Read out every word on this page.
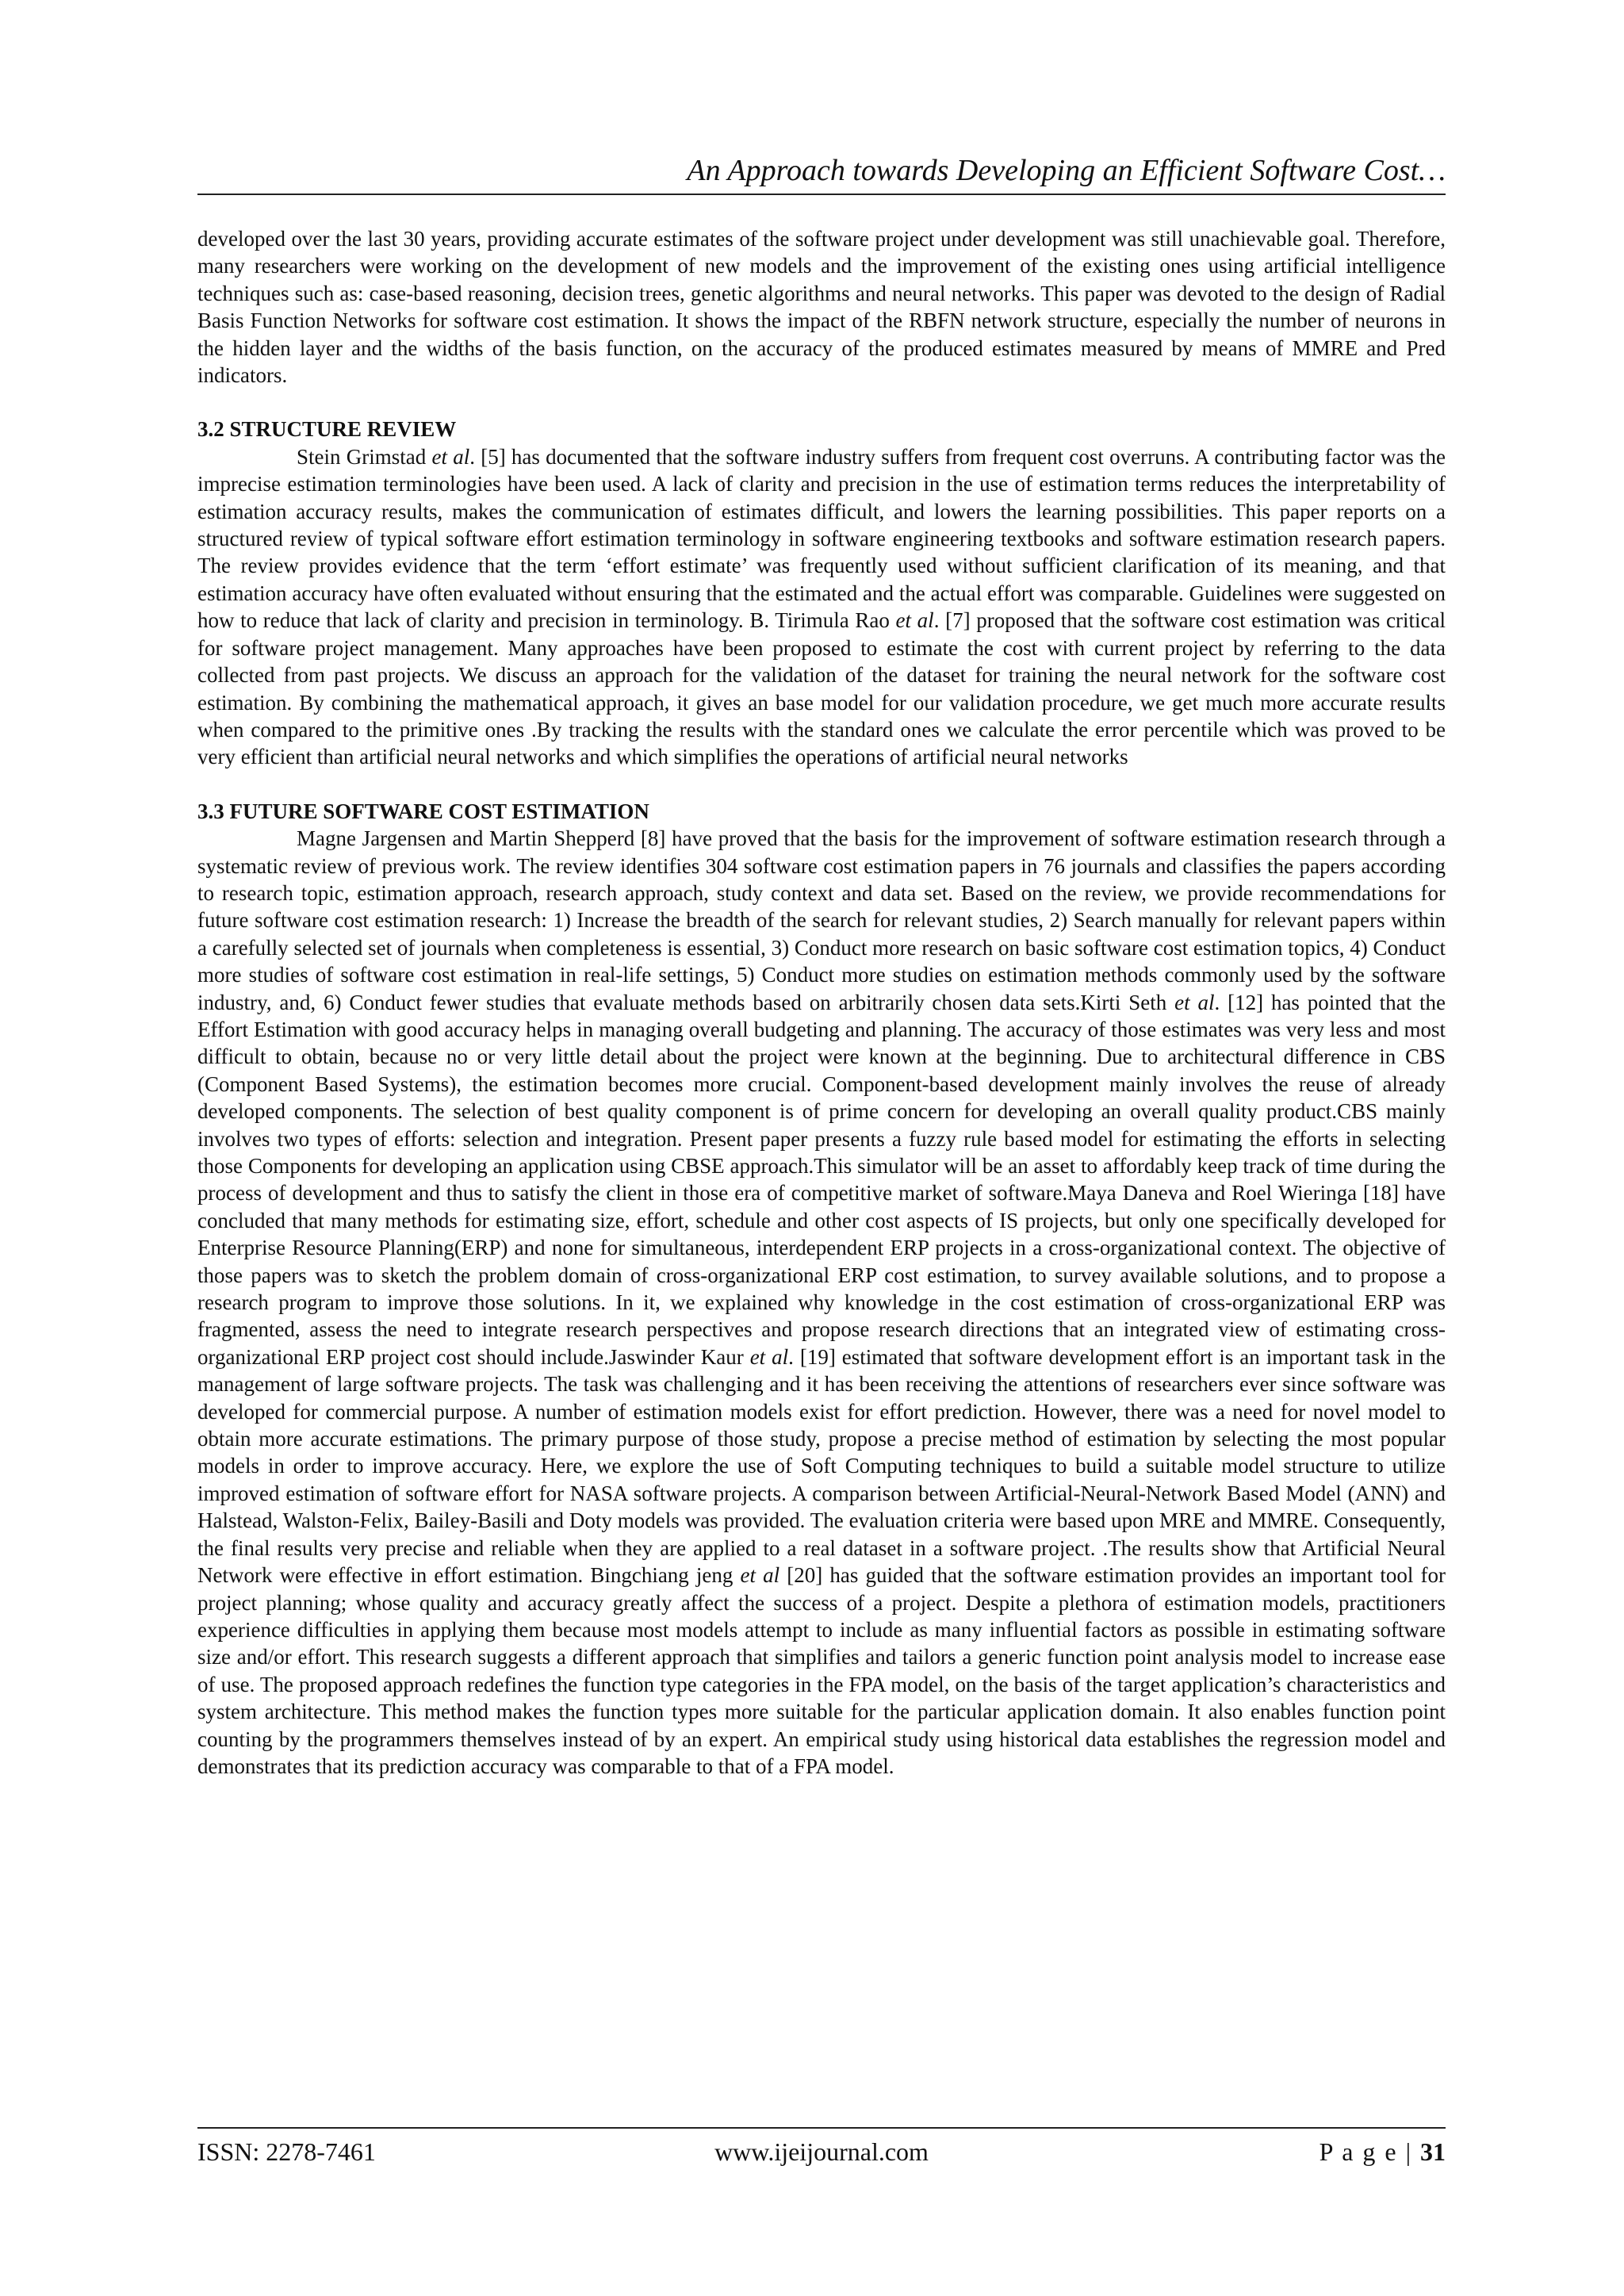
An Approach towards Developing an Efficient Software Cost…

developed over the last 30 years, providing accurate estimates of the software project under development was still unachievable goal. Therefore, many researchers were working on the development of new models and the improvement of the existing ones using artificial intelligence techniques such as: case-based reasoning, decision trees, genetic algorithms and neural networks. This paper was devoted to the design of Radial Basis Function Networks for software cost estimation. It shows the impact of the RBFN network structure, especially the number of neurons in the hidden layer and the widths of the basis function, on the accuracy of the produced estimates measured by means of MMRE and Pred indicators.

3.2 STRUCTURE REVIEW

Stein Grimstad et al. [5] has documented that the software industry suffers from frequent cost overruns. A contributing factor was the imprecise estimation terminologies have been used. A lack of clarity and precision in the use of estimation terms reduces the interpretability of estimation accuracy results, makes the communication of estimates difficult, and lowers the learning possibilities. This paper reports on a structured review of typical software effort estimation terminology in software engineering textbooks and software estimation research papers. The review provides evidence that the term ‘effort estimate’ was frequently used without sufficient clarification of its meaning, and that estimation accuracy have often evaluated without ensuring that the estimated and the actual effort was comparable. Guidelines were suggested on how to reduce that lack of clarity and precision in terminology. B. Tirimula Rao et al. [7] proposed that the software cost estimation was critical for software project management. Many approaches have been proposed to estimate the cost with current project by referring to the data collected from past projects. We discuss an approach for the validation of the dataset for training the neural network for the software cost estimation. By combining the mathematical approach, it gives an base model for our validation procedure, we get much more accurate results when compared to the primitive ones .By tracking the results with the standard ones we calculate the error percentile which was proved to be very efficient than artificial neural networks and which simplifies the operations of artificial neural networks

3.3 FUTURE SOFTWARE COST ESTIMATION

Magne Jargensen and Martin Shepperd [8] have proved that the basis for the improvement of software estimation research through a systematic review of previous work. The review identifies 304 software cost estimation papers in 76 journals and classifies the papers according to research topic, estimation approach, research approach, study context and data set. Based on the review, we provide recommendations for future software cost estimation research: 1) Increase the breadth of the search for relevant studies, 2) Search manually for relevant papers within a carefully selected set of journals when completeness is essential, 3) Conduct more research on basic software cost estimation topics, 4) Conduct more studies of software cost estimation in real-life settings, 5) Conduct more studies on estimation methods commonly used by the software industry, and, 6) Conduct fewer studies that evaluate methods based on arbitrarily chosen data sets.Kirti Seth et al. [12] has pointed that the Effort Estimation with good accuracy helps in managing overall budgeting and planning. The accuracy of those estimates was very less and most difficult to obtain, because no or very little detail about the project were known at the beginning. Due to architectural difference in CBS (Component Based Systems), the estimation becomes more crucial. Component-based development mainly involves the reuse of already developed components. The selection of best quality component is of prime concern for developing an overall quality product.CBS mainly involves two types of efforts: selection and integration. Present paper presents a fuzzy rule based model for estimating the efforts in selecting those Components for developing an application using CBSE approach.This simulator will be an asset to affordably keep track of time during the process of development and thus to satisfy the client in those era of competitive market of software.Maya Daneva and Roel Wieringa [18] have concluded that many methods for estimating size, effort, schedule and other cost aspects of IS projects, but only one specifically developed for Enterprise Resource Planning(ERP) and none for simultaneous, interdependent ERP projects in a cross-organizational context. The objective of those papers was to sketch the problem domain of cross-organizational ERP cost estimation, to survey available solutions, and to propose a research program to improve those solutions. In it, we explained why knowledge in the cost estimation of cross-organizational ERP was fragmented, assess the need to integrate research perspectives and propose research directions that an integrated view of estimating cross-organizational ERP project cost should include.Jaswinder Kaur et al. [19] estimated that software development effort is an important task in the management of large software projects. The task was challenging and it has been receiving the attentions of researchers ever since software was developed for commercial purpose. A number of estimation models exist for effort prediction. However, there was a need for novel model to obtain more accurate estimations. The primary purpose of those study, propose a precise method of estimation by selecting the most popular models in order to improve accuracy. Here, we explore the use of Soft Computing techniques to build a suitable model structure to utilize improved estimation of software effort for NASA software projects. A comparison between Artificial-Neural-Network Based Model (ANN) and Halstead, Walston-Felix, Bailey-Basili and Doty models was provided. The evaluation criteria were based upon MRE and MMRE. Consequently, the final results very precise and reliable when they are applied to a real dataset in a software project. .The results show that Artificial Neural Network were effective in effort estimation. Bingchiang jeng et al [20] has guided that the software estimation provides an important tool for project planning; whose quality and accuracy greatly affect the success of a project. Despite a plethora of estimation models, practitioners experience difficulties in applying them because most models attempt to include as many influential factors as possible in estimating software size and/or effort. This research suggests a different approach that simplifies and tailors a generic function point analysis model to increase ease of use. The proposed approach redefines the function type categories in the FPA model, on the basis of the target application’s characteristics and system architecture. This method makes the function types more suitable for the particular application domain. It also enables function point counting by the programmers themselves instead of by an expert. An empirical study using historical data establishes the regression model and demonstrates that its prediction accuracy was comparable to that of a FPA model.

ISSN: 2278-7461	www.ijeijournal.com	P a g e | 31
